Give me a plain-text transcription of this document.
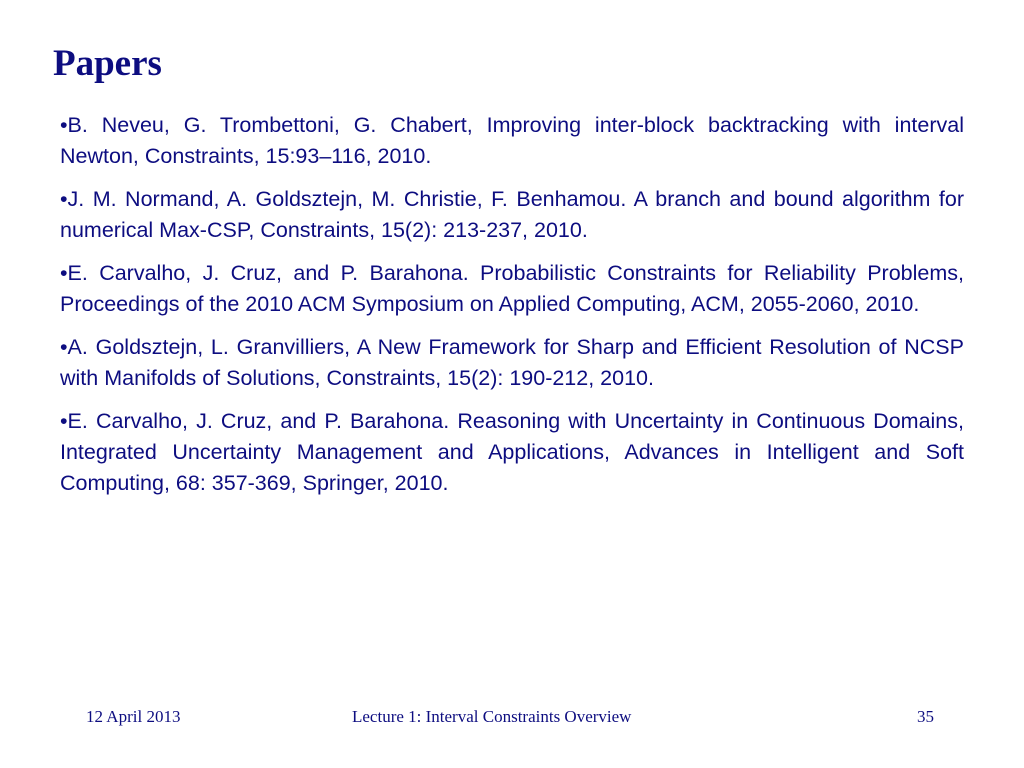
Papers
•B. Neveu, G. Trombettoni, G. Chabert, Improving inter-block backtracking with interval Newton, Constraints, 15:93–116, 2010.
•J. M. Normand, A. Goldsztejn, M. Christie, F. Benhamou. A branch and bound algorithm for numerical Max-CSP, Constraints, 15(2): 213-237, 2010.
•E. Carvalho, J. Cruz, and P. Barahona. Probabilistic Constraints for Reliability Problems, Proceedings of the 2010 ACM Symposium on Applied Computing, ACM, 2055-2060, 2010.
•A. Goldsztejn, L. Granvilliers, A New Framework for Sharp and Efficient Resolution of NCSP with Manifolds of Solutions, Constraints, 15(2): 190-212, 2010.
•E. Carvalho, J. Cruz, and P. Barahona. Reasoning with Uncertainty in Continuous Domains, Integrated Uncertainty Management and Applications, Advances in Intelligent and Soft Computing, 68: 357-369, Springer, 2010.
12 April 2013	Lecture 1: Interval Constraints Overview	35
